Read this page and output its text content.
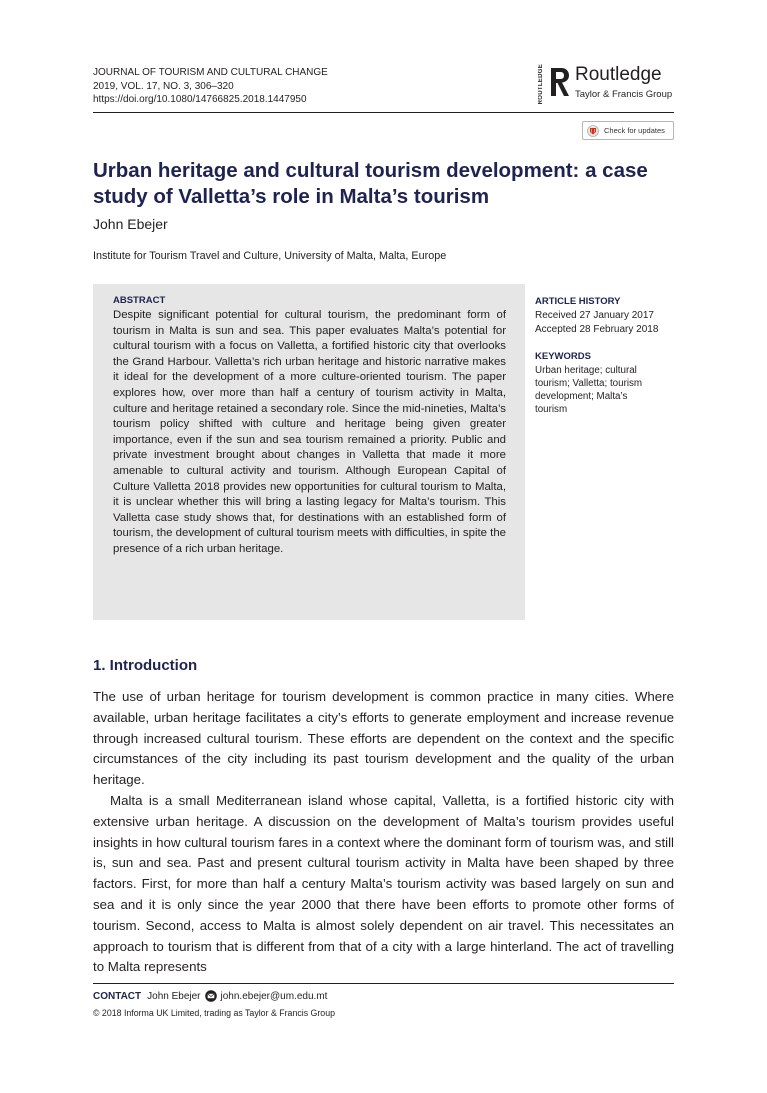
JOURNAL OF TOURISM AND CULTURAL CHANGE
2019, VOL. 17, NO. 3, 306–320
https://doi.org/10.1080/14766825.2018.1447950	ROUTLEDGE Routledge
Taylor & Francis Group
Check for updates
Urban heritage and cultural tourism development: a case study of Valletta’s role in Malta’s tourism
John Ebejer
Institute for Tourism Travel and Culture, University of Malta, Malta, Europe
ABSTRACT
Despite significant potential for cultural tourism, the predominant form of tourism in Malta is sun and sea. This paper evaluates Malta’s potential for cultural tourism with a focus on Valletta, a fortified historic city that overlooks the Grand Harbour. Valletta’s rich urban heritage and historic narrative makes it ideal for the development of a more culture-oriented tourism. The paper explores how, over more than half a century of tourism activity in Malta, culture and heritage retained a secondary role. Since the mid-nineties, Malta’s tourism policy shifted with culture and heritage being given greater importance, even if the sun and sea tourism remained a priority. Public and private investment brought about changes in Valletta that made it more amenable to cultural activity and tourism. Although European Capital of Culture Valletta 2018 provides new opportunities for cultural tourism to Malta, it is unclear whether this will bring a lasting legacy for Malta’s tourism. This Valletta case study shows that, for destinations with an established form of tourism, the development of cultural tourism meets with difficulties, in spite the presence of a rich urban heritage.
ARTICLE HISTORY
Received 27 January 2017
Accepted 28 February 2018
KEYWORDS
Urban heritage; cultural tourism; Valletta; tourism development; Malta’s tourism
1. Introduction
The use of urban heritage for tourism development is common practice in many cities. Where available, urban heritage facilitates a city’s efforts to generate employment and increase revenue through increased cultural tourism. These efforts are dependent on the context and the specific circumstances of the city including its past tourism development and the quality of the urban heritage.
Malta is a small Mediterranean island whose capital, Valletta, is a fortified historic city with extensive urban heritage. A discussion on the development of Malta’s tourism provides useful insights in how cultural tourism fares in a context where the dominant form of tourism was, and still is, sun and sea. Past and present cultural tourism activity in Malta have been shaped by three factors. First, for more than half a century Malta’s tourism activity was based largely on sun and sea and it is only since the year 2000 that there have been efforts to promote other forms of tourism. Second, access to Malta is almost solely dependent on air travel. This necessitates an approach to tourism that is different from that of a city with a large hinterland. The act of travelling to Malta represents
CONTACT John Ebejer john.ebejer@um.edu.mt
© 2018 Informa UK Limited, trading as Taylor & Francis Group
